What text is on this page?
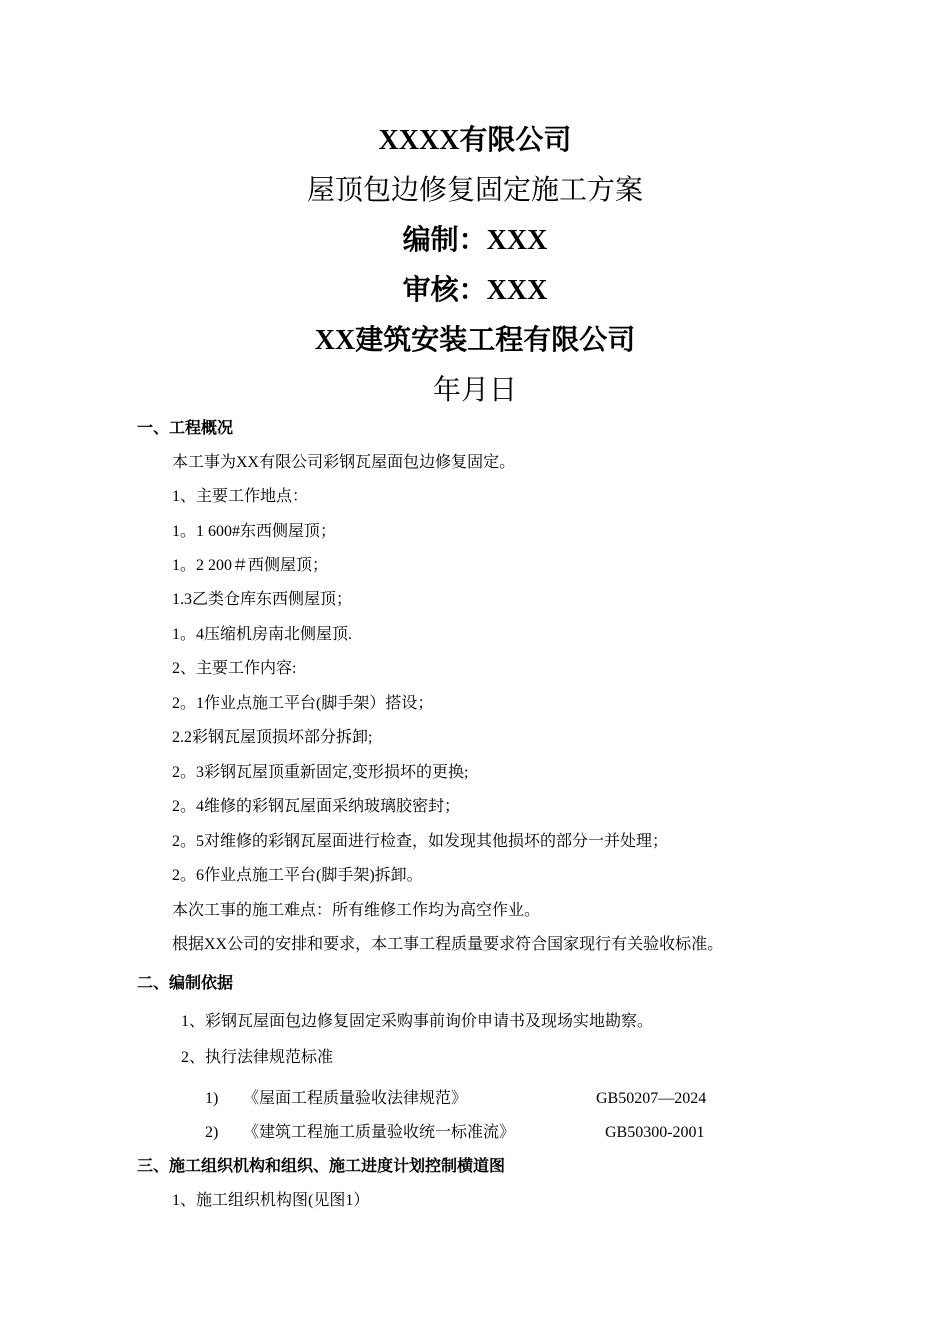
XXXX有限公司
屋顶包边修复固定施工方案
编制：XXX
审核：XXX
XX建筑安装工程有限公司
年月日
一、工程概况
本工事为XX有限公司彩钢瓦屋面包边修复固定。
1、主要工作地点：
1。1 600#东西侧屋顶；
1。2 200＃西侧屋顶；
1.3乙类仓库东西侧屋顶；
1。4压缩机房南北侧屋顶.
2、主要工作内容:
2。1作业点施工平台(脚手架）搭设；
2.2彩钢瓦屋顶损坏部分拆卸;
2。3彩钢瓦屋顶重新固定,变形损坏的更换;
2。4维修的彩钢瓦屋面采纳玻璃胶密封；
2。5对维修的彩钢瓦屋面进行检查，如发现其他损坏的部分一并处理；
2。6作业点施工平台(脚手架)拆卸。
本次工事的施工难点：所有维修工作均为高空作业。
根据XX公司的安排和要求，本工事工程质量要求符合国家现行有关验收标准。
二、编制依据
1、彩钢瓦屋面包边修复固定采购事前询价申请书及现场实地勘察。
2、执行法律规范标准
1) 《屋面工程质量验收法律规范》	GB50207—2024
2) 《建筑工程施工质量验收统一标准流》	GB50300-2001
三、施工组织机构和组织、施工进度计划控制横道图
1、施工组织机构图(见图1）
